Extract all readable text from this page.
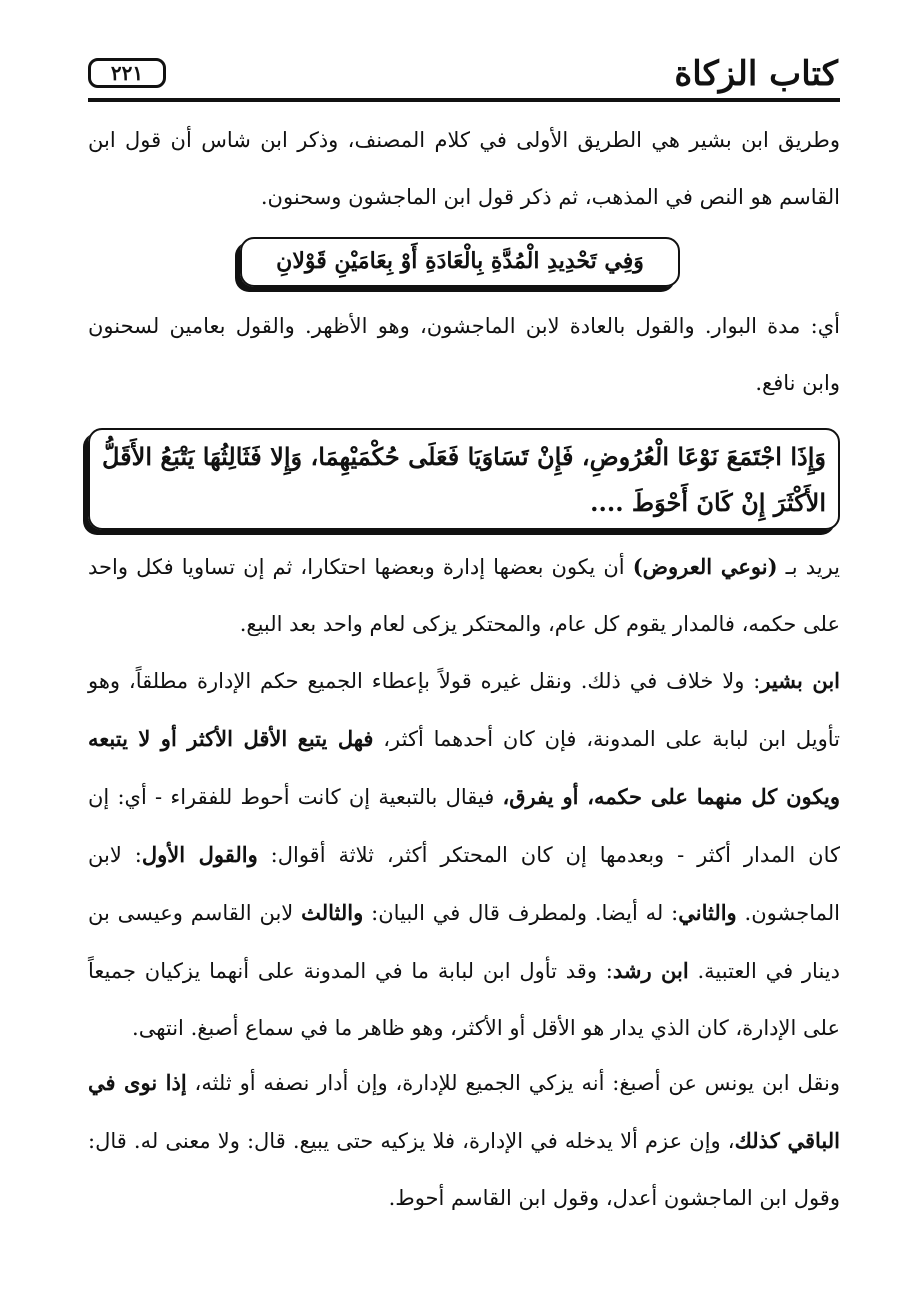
كتاب الزكاة
٢٢١

وطريق ابن بشير هي الطريق الأولى في كلام المصنف، وذكر ابن شاس أن قول ابن القاسم هو النص في المذهب، ثم ذكر قول ابن الماجشون وسحنون.

وَفِي تَحْدِيدِ الْمُدَّةِ بِالْعَادَةِ أَوْ بِعَامَيْنِ قَوْلانِ

أي: مدة البوار. والقول بالعادة لابن الماجشون، وهو الأظهر. والقول بعامين لسحنون وابن نافع.

وَإِذَا اجْتَمَعَ نَوْعَا الْعُرُوضِ، فَإِنْ تَسَاوَيَا فَعَلَى حُكْمَيْهِمَا، وَإِلا فَثَالِثُهَا يَتْبَعُ الأَقَلُّ الأَكْثَرَ إِنْ كَانَ أَحْوَطَ ....

يريد بـ (نوعي العروض) أن يكون بعضها إدارة وبعضها احتكارا، ثم إن تساويا فكل واحد على حكمه، فالمدار يقوم كل عام، والمحتكر يزكى لعام واحد بعد البيع.

ابن بشير: ولا خلاف في ذلك. ونقل غيره قولاً بإعطاء الجميع حكم الإدارة مطلقاً، وهو تأويل ابن لبابة على المدونة، فإن كان أحدهما أكثر، فهل يتبع الأقل الأكثر أو لا يتبعه ويكون كل منهما على حكمه، أو يفرق، فيقال بالتبعية إن كانت أحوط للفقراء - أي: إن كان المدار أكثر - وبعدمها إن كان المحتكر أكثر، ثلاثة أقوال: والقول الأول: لابن الماجشون. والثاني: له أيضا. ولمطرف قال في البيان: والثالث لابن القاسم وعيسى بن دينار في العتبية. ابن رشد: وقد تأول ابن لبابة ما في المدونة على أنهما يزكيان جميعاً على الإدارة، كان الذي يدار هو الأقل أو الأكثر، وهو ظاهر ما في سماع أصبغ. انتهى.

ونقل ابن يونس عن أصبغ: أنه يزكي الجميع للإدارة، وإن أدار نصفه أو ثلثه، إذا نوى في الباقي كذلك، وإن عزم ألا يدخله في الإدارة، فلا يزكيه حتى يبيع. قال: ولا معنى له. قال: وقول ابن الماجشون أعدل، وقول ابن القاسم أحوط.
